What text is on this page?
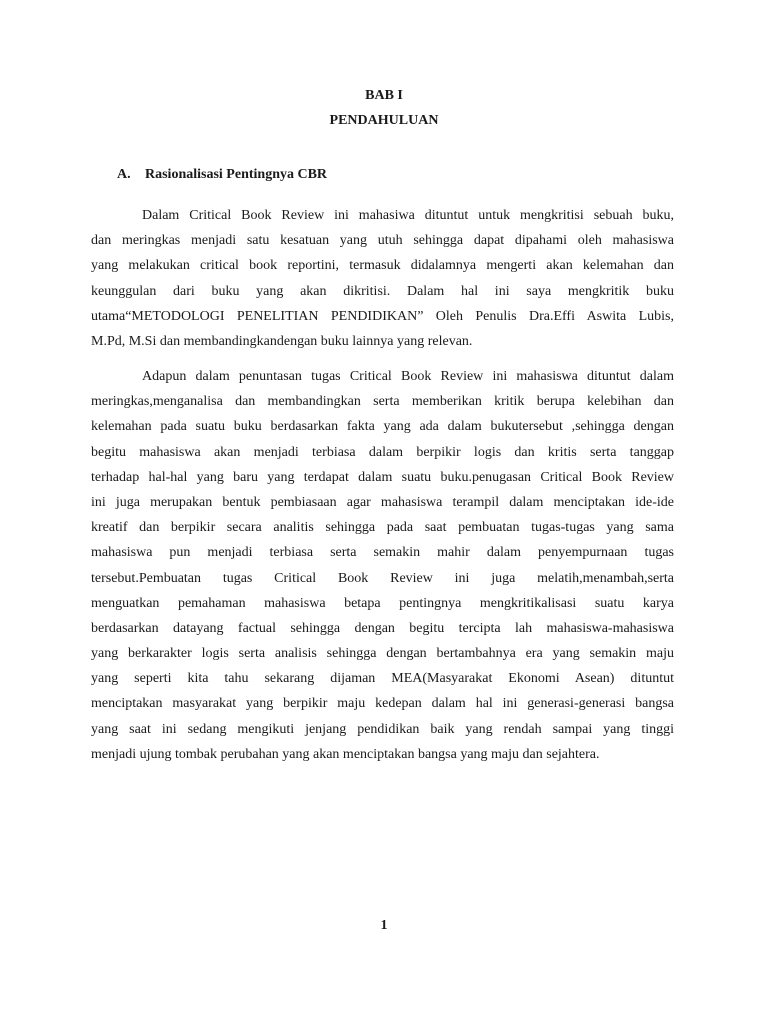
BAB I
PENDAHULUAN
A. Rasionalisasi Pentingnya CBR
Dalam Critical Book Review ini mahasiwa dituntut untuk mengkritisi sebuah buku,
dan meringkas menjadi satu kesatuan yang utuh sehingga dapat dipahami oleh mahasiswa
yang melakukan critical book reportini, termasuk didalamnya mengerti akan kelemahan dan
keunggulan dari buku yang akan dikritisi. Dalam hal ini saya mengkritik buku
utama“METODOLOGI PENELITIAN PENDIDIKAN” Oleh Penulis Dra.Effi Aswita Lubis,
M.Pd, M.Si dan membandingkandengan buku lainnya yang relevan.
Adapun dalam penuntasan tugas Critical Book Review ini mahasiswa dituntut dalam
meringkas,menganalisa dan membandingkan serta memberikan kritik berupa kelebihan dan
kelemahan pada suatu buku berdasarkan fakta yang ada dalam bukutersebut ,sehingga dengan
begitu mahasiswa akan menjadi terbiasa dalam berpikir logis dan kritis serta tanggap
terhadap hal-hal yang baru yang terdapat dalam suatu buku.penugasan Critical Book Review
ini juga merupakan bentuk pembiasaan agar mahasiswa terampil dalam menciptakan ide-ide
kreatif dan berpikir secara analitis sehingga pada saat pembuatan tugas-tugas yang sama
mahasiswa pun menjadi terbiasa serta semakin mahir dalam penyempurnaan tugas
tersebut.Pembuatan tugas Critical Book Review ini juga melatih,menambah,serta
menguatkan pemahaman mahasiswa betapa pentingnya mengkritikalisasi suatu karya
berdasarkan datayang factual sehingga dengan begitu tercipta lah mahasiswa-mahasiswa
yang berkarakter logis serta analisis sehingga dengan bertambahnya era yang semakin maju
yang seperti kita tahu sekarang dijaman MEA(Masyarakat Ekonomi Asean) dituntut
menciptakan masyarakat yang berpikir maju kedepan dalam hal ini generasi-generasi bangsa
yang saat ini sedang mengikuti jenjang pendidikan baik yang rendah sampai yang tinggi
menjadi ujung tombak perubahan yang akan menciptakan bangsa yang maju dan sejahtera.
1
